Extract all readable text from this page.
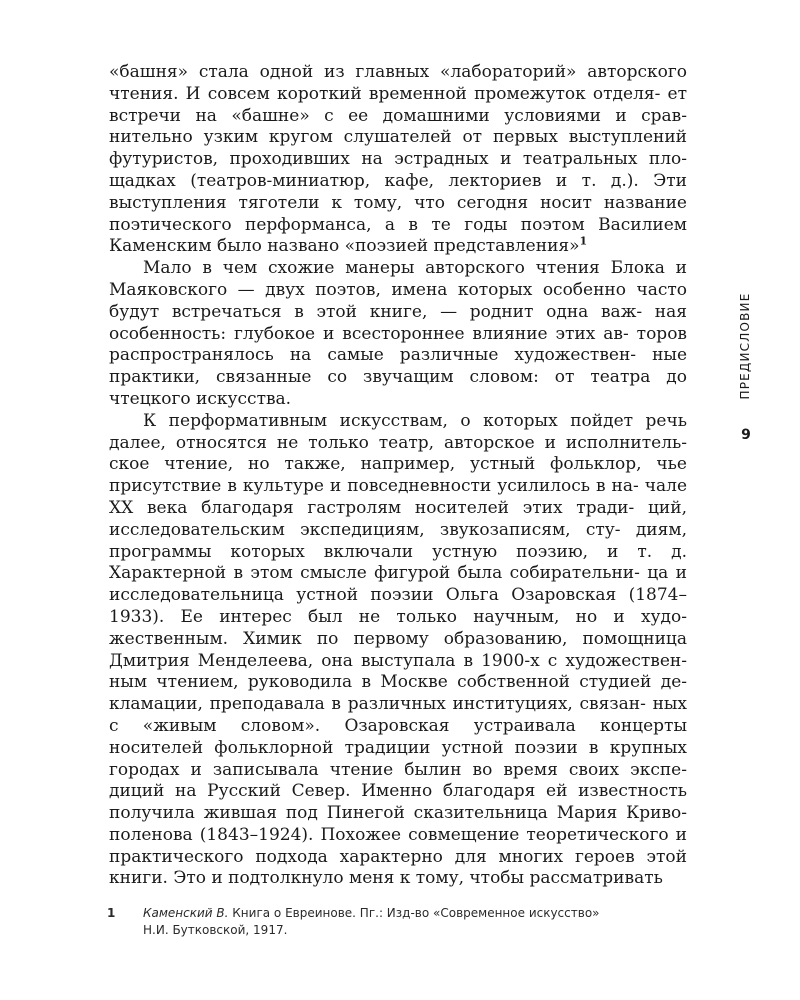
«башня» стала одной из главных «лабораторий» авторского чтения. И совсем короткий временной промежуток отделя- ет встречи на «башне» с ее домашними условиями и срав- нительно узким кругом слушателей от первых выступлений футуристов, проходивших на эстрадных и театральных пло- щадках (театров-миниатюр, кафе, лекториев и т. д.). Эти выступления тяготели к тому, что сегодня носит название поэтического перформанса, а в те годы поэтом Василием Каменским было названо «поэзией представления»$^1$

Мало в чем схожие манеры авторского чтения Блока и Маяковского — двух поэтов, имена которых особенно часто будут встречаться в этой книге, — роднит одна важ- ная особенность: глубокое и всестороннее влияние этих ав- торов распространялось на самые различные художествен- ные практики, связанные со звучащим словом: от театра до чтецкого искусства.

К перформативным искусствам, о которых пойдет речь далее, относятся не только театр, авторское и исполнитель- ское чтение, но также, например, устный фольклор, чье присутствие в культуре и повседневности усилилось в на- чале XX века благодаря гастролям носителей этих тради- ций, исследовательским экспедициям, звукозаписям, сту- диям, программы которых включали устную поэзию, и т. д. Характерной в этом смысле фигурой была собирательни- ца и исследовательница устной поэзии Ольга Озаровская (1874–1933). Ее интерес был не только научным, но и худо- жественным. Химик по первому образованию, помощница Дмитрия Менделеева, она выступала в 1900-х с художествен- ным чтением, руководила в Москве собственной студией де- кламации, преподавала в различных институциях, связан- ных с «живым словом». Озаровская устраивала концерты носителей фольклорной традиции устной поэзии в крупных городах и записывала чтение былин во время своих экспе- диций на Русский Север. Именно благодаря ей известность получила жившая под Пинегой сказительница Мария Криво- поленова (1843–1924). Похожее совмещение теоретического и практического подхода характерно для многих героев этой книги. Это и подтолкнуло меня к тому, чтобы рассматривать

ПРЕДИСЛОВИЕ
9
1	Каменский В. Книга о Евреинове. Пг.: Изд-во «Современное искусство»
Н.И. Бутковской, 1917.
